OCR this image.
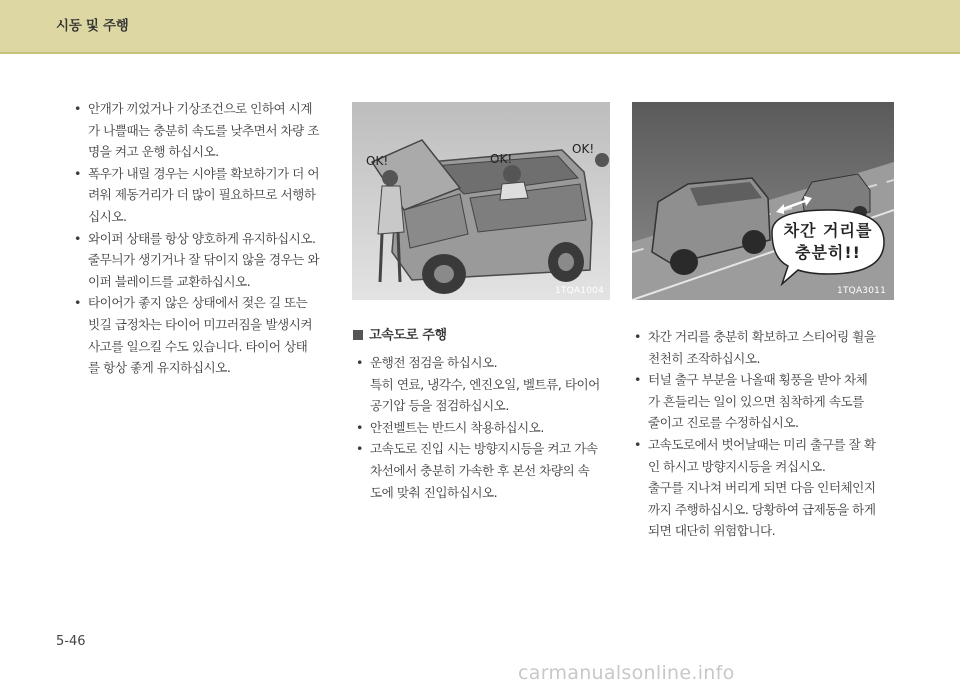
시동 및 주행
• 안개가 끼었거나 기상조건으로 인하여 시계
가 나쁠때는 충분히 속도를 낮추면서 차량 조
명을 켜고 운행 하십시오.
• 폭우가 내릴 경우는 시야를 확보하기가 더 어
려워 제동거리가 더 많이 필요하므로 서행하
십시오.
• 와이퍼 상태를 항상 양호하게 유지하십시오.
줄무늬가 생기거나 잘 닦이지 않을 경우는 와
이퍼 블레이드를 교환하십시오.
• 타이어가 좋지 않은 상태에서 젖은 길 또는
빗길 급정차는 타이어 미끄러짐을 발생시켜
사고를 일으킬 수도 있습니다. 타이어 상태
를 항상 좋게 유지하십시오.
OK!	OK!
OK!
1TQA1004
차간 거리를
충분히!!
1TQA3011
고속도로 주행
• 운행전 점검을 하십시오.
특히 연료, 냉각수, 엔진오일, 벨트류, 타이어
공기압 등을 점검하십시오.
• 안전벨트는 반드시 착용하십시오.
• 고속도로 진입 시는 방향지시등을 켜고 가속
차선에서 충분히 가속한 후 본선 차량의 속
도에 맞춰 진입하십시오.
• 차간 거리를 충분히 확보하고 스티어링 휠을
천천히 조작하십시오.
• 터널 출구 부분을 나올때 횡풍을 받아 차체
가 흔들리는 일이 있으면 침착하게 속도를
줄이고 진로를 수정하십시오.
• 고속도로에서 벗어날때는 미리 출구를 잘 확
인 하시고 방향지시등을 켜십시오.
출구를 지나쳐 버리게 되면 다음 인터체인지
까지 주행하십시오. 당황하여 급제동을 하게
되면 대단히 위험합니다.
5-46
carmanualsonline.info
